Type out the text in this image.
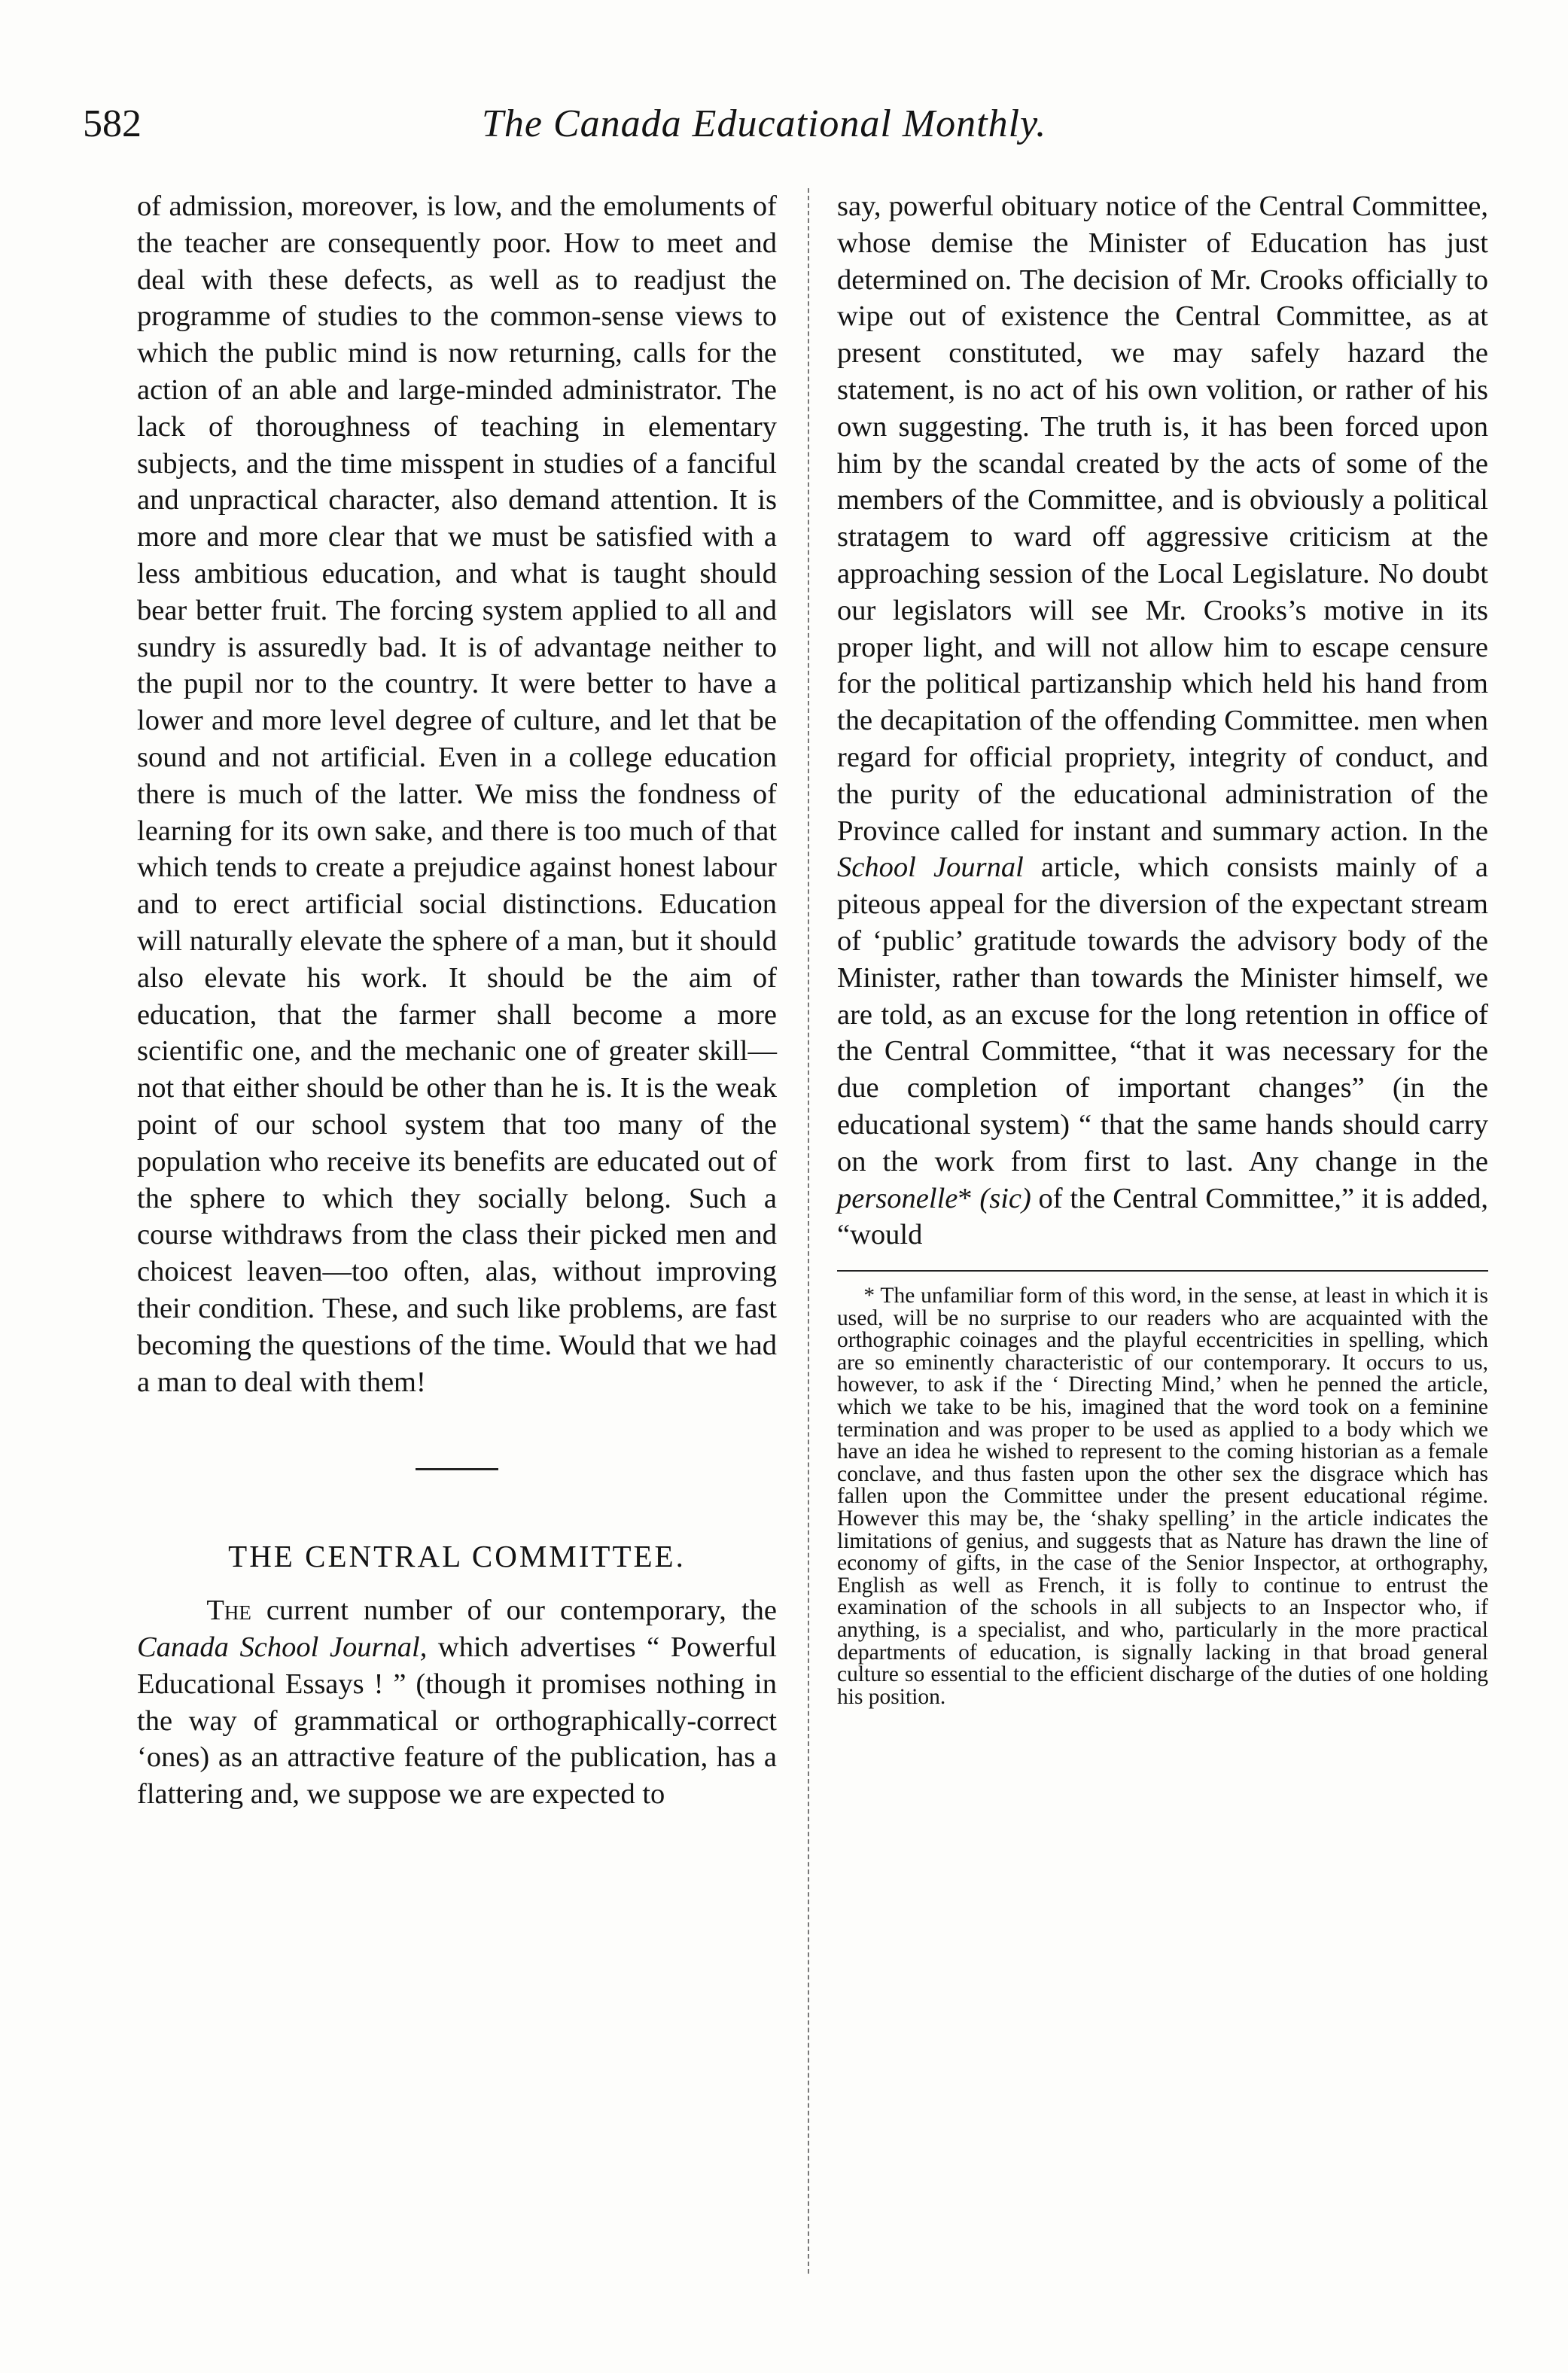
582	The Canada Educational Monthly.

of admission, moreover, is low, and the emoluments of the teacher are consequently poor. How to meet and deal with these defects, as well as to readjust the programme of studies to the common-sense views to which the public mind is now returning, calls for the action of an able and large-minded administrator. The lack of thoroughness of teaching in elementary subjects, and the time misspent in studies of a fanciful and unpractical character, also demand attention. It is more and more clear that we must be satisfied with a less ambitious education, and what is taught should bear better fruit. The forcing system applied to all and sundry is assuredly bad. It is of advantage neither to the pupil nor to the country. It were better to have a lower and more level degree of culture, and let that be sound and not artificial. Even in a college education there is much of the latter. We miss the fondness of learning for its own sake, and there is too much of that which tends to create a prejudice against honest labour and to erect artificial social distinctions. Education will naturally elevate the sphere of a man, but it should also elevate his work. It should be the aim of education, that the farmer shall become a more scientific one, and the mechanic one of greater skill—not that either should be other than he is. It is the weak point of our school system that too many of the population who receive its benefits are educated out of the sphere to which they socially belong. Such a course withdraws from the class their picked men and choicest leaven—too often, alas, without improving their condition. These, and such like problems, are fast becoming the questions of the time. Would that we had a man to deal with them!

THE CENTRAL COMMITTEE.

The current number of our contemporary, the Canada School Journal, which advertises “ Powerful Educational Essays ! ” (though it promises nothing in the way of grammatical or orthographically-correct ‘ones) as an attractive feature of the publication, has a flattering and, we suppose we are expected to

say, powerful obituary notice of the Central Committee, whose demise the Minister of Education has just determined on. The decision of Mr. Crooks officially to wipe out of existence the Central Committee, as at present constituted, we may safely hazard the statement, is no act of his own volition, or rather of his own suggesting. The truth is, it has been forced upon him by the scandal created by the acts of some of the members of the Committee, and is obviously a political stratagem to ward off aggressive criticism at the approaching session of the Local Legislature. No doubt our legislators will see Mr. Crooks’s motive in its proper light, and will not allow him to escape censure for the political partizanship which held his hand from the decapitation of the offending Committee. men when regard for official propriety, integrity of conduct, and the purity of the educational administration of the Province called for instant and summary action. In the School Journal article, which consists mainly of a piteous appeal for the diversion of the expectant stream of ‘public’ gratitude towards the advisory body of the Minister, rather than towards the Minister himself, we are told, as an excuse for the long retention in office of the Central Committee, “that it was necessary for the due completion of important changes” (in the educational system) “ that the same hands should carry on the work from first to last. Any change in the personelle* (sic) of the Central Committee,” it is added, “would

* The unfamiliar form of this word, in the sense, at least in which it is used, will be no surprise to our readers who are acquainted with the orthographic coinages and the playful eccentricities in spelling, which are so eminently characteristic of our contemporary. It occurs to us, however, to ask if the ‘ Directing Mind,’ when he penned the article, which we take to be his, imagined that the word took on a feminine termination and was proper to be used as applied to a body which we have an idea he wished to represent to the coming historian as a female conclave, and thus fasten upon the other sex the disgrace which has fallen upon the Committee under the present educational régime. However this may be, the ‘shaky spelling’ in the article indicates the limitations of genius, and suggests that as Nature has drawn the line of economy of gifts, in the case of the Senior Inspector, at orthography, English as well as French, it is folly to continue to entrust the examination of the schools in all subjects to an Inspector who, if anything, is a specialist, and who, particularly in the more practical departments of education, is signally lacking in that broad general culture so essential to the efficient discharge of the duties of one holding his position.
